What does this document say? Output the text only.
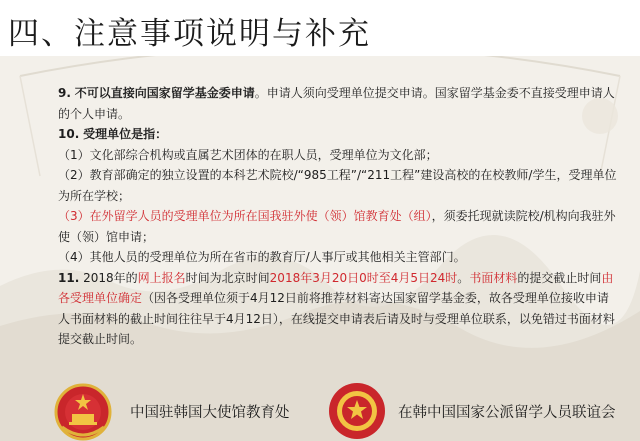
四、注意事项说明与补充

9. 不可以直接向国家留学基金委申请。申请人须向受理单位提交申请。国家留学基金委不直接受理申请人的个人申请。

10. 受理单位是指：

（1）文化部综合机构或直属艺术团体的在职人员，受理单位为文化部；

（2）教育部确定的独立设置的本科艺术院校/“985工程”/“211工程”建设高校的在校教师/学生，受理单位为所在学校；

（3）在外留学人员的受理单位为所在国我驻外使（领）馆教育处（组），须委托现就读院校/机构向我驻外使（领）馆申请；

（4）其他人员的受理单位为所在省市的教育厅/人事厅或其他相关主管部门。

11. 2018年的网上报名时间为北京时间2018年3月20日0时至4月5日24时。书面材料的提交截止时间由各受理单位确定（因各受理单位须于4月12日前将推荐材料寄达国家留学基金委，故各受理单位接收申请人书面材料的截止时间往往早于4月12日），在线提交申请表后请及时与受理单位联系，以免错过书面材料提交截止时间。

中国驻韩国大使馆教育处	在韩中国国家公派留学人员联谊会
